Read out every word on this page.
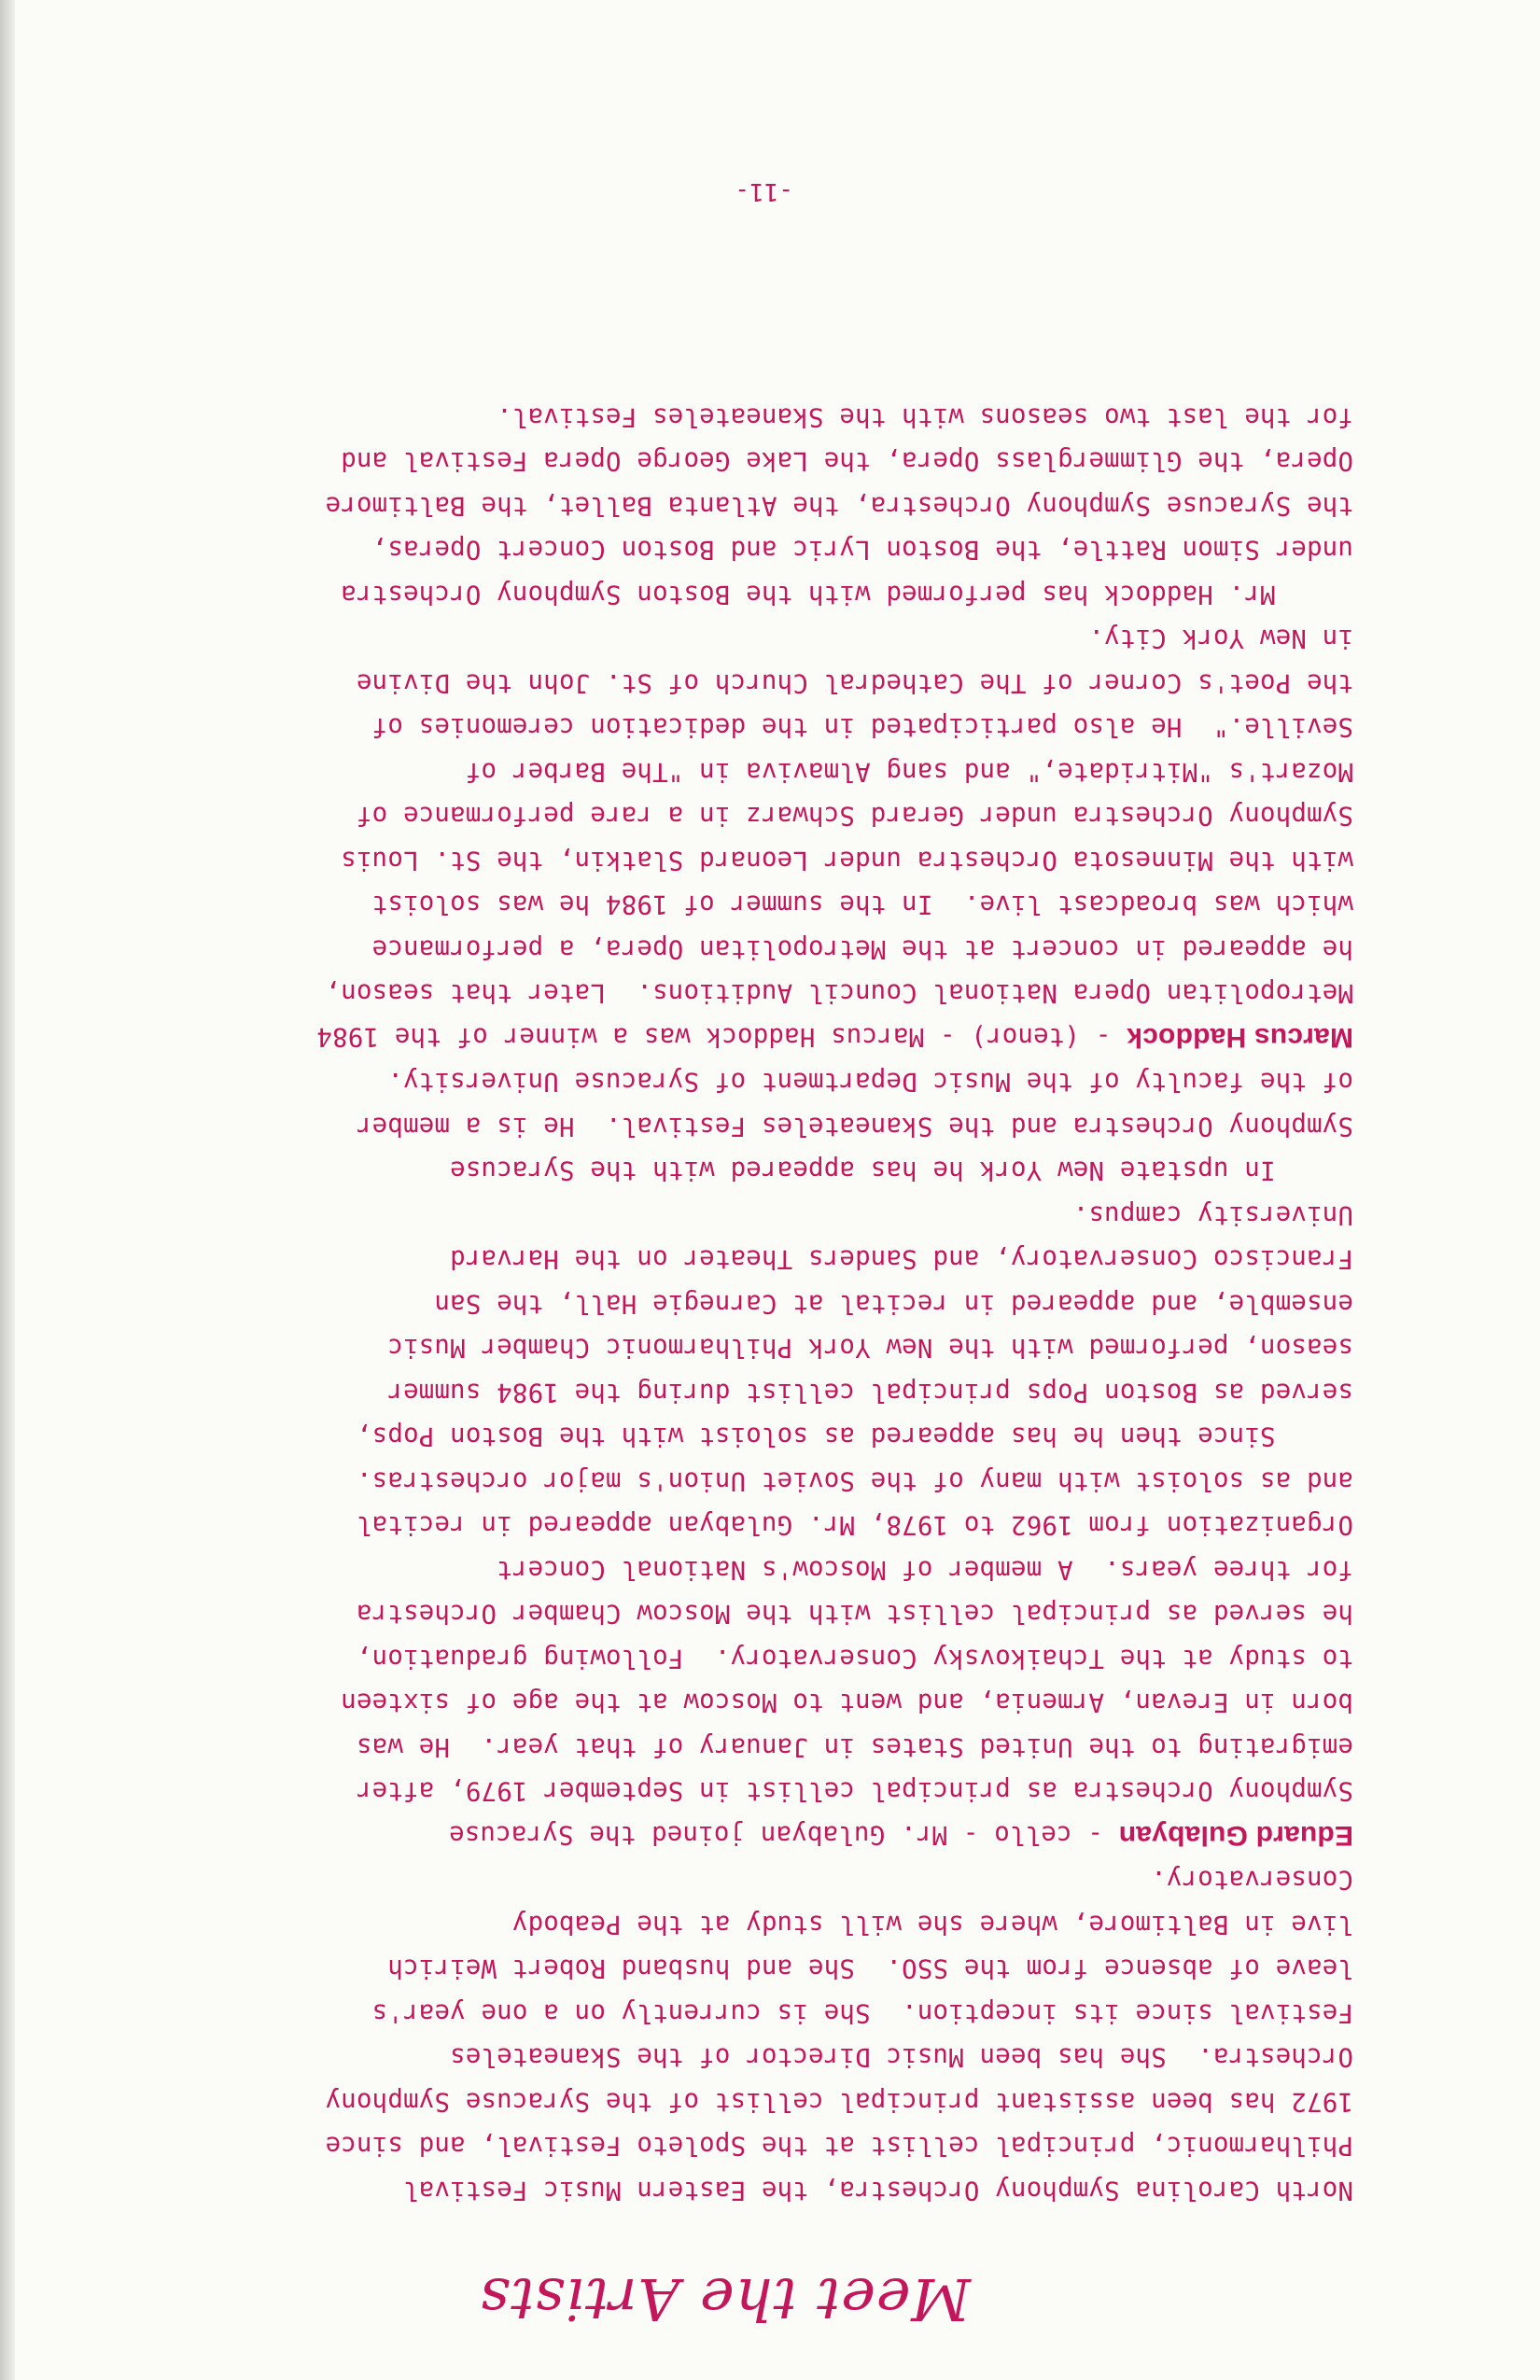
Meet the Artists
North Carolina Symphony Orchestra, the Eastern Music Festival
Philharmonic, principal cellist at the Spoleto Festival, and since
1972 has been assistant principal cellist of the Syracuse Symphony
Orchestra.  She has been Music Director of the Skaneateles
Festival since its inception.  She is currently on a one year's
leave of absence from the SSO.  She and husband Robert Weirich
live in Baltimore, where she will study at the Peabody
Conservatory.
Eduard Gulabyan - cello - Mr. Gulabyan joined the Syracuse
Symphony Orchestra as principal cellist in September 1979, after
emigrating to the United States in January of that year.  He was
born in Erevan, Armenia, and went to Moscow at the age of sixteen
to study at the Tchaikovsky Conservatory.  Following graduation,
he served as principal cellist with the Moscow Chamber Orchestra
for three years.  A member of Moscow's National Concert
Organization from 1962 to 1978, Mr. Gulabyan appeared in recital
and as soloist with many of the Soviet Union's major orchestras.
Since then he has appeared as soloist with the Boston Pops,
served as Boston Pops principal cellist during the 1984 summer
season, performed with the New York Philharmonic Chamber Music
ensemble, and appeared in recital at Carnegie Hall, the San
Francisco Conservatory, and Sanders Theater on the Harvard
University campus.
In upstate New York he has appeared with the Syracuse
Symphony Orchestra and the Skaneateles Festival.  He is a member
of the faculty of the Music Department of Syracuse University.
Marcus Haddock - (tenor) - Marcus Haddock was a winner of the 1984
Metropolitan Opera National Council Auditions.  Later that season,
he appeared in concert at the Metropolitan Opera, a performance
which was broadcast live.  In the summer of 1984 he was soloist
with the Minnesota Orchestra under Leonard Slatkin, the St. Louis
Symphony Orchestra under Gerard Schwarz in a rare performance of
Mozart's "Mitridate," and sang Almaviva in "The Barber of
Seville."  He also participated in the dedication ceremonies of
the Poet's Corner of The Cathedral Church of St. John the Divine
in New York City.
Mr. Haddock has performed with the Boston Symphony Orchestra
under Simon Rattle, the Boston Lyric and Boston Concert Operas,
the Syracuse Symphony Orchestra, the Atlanta Ballet, the Baltimore
Opera, the Glimmerglass Opera, the Lake George Opera Festival and
for the last two seasons with the Skaneateles Festival.
-11-
